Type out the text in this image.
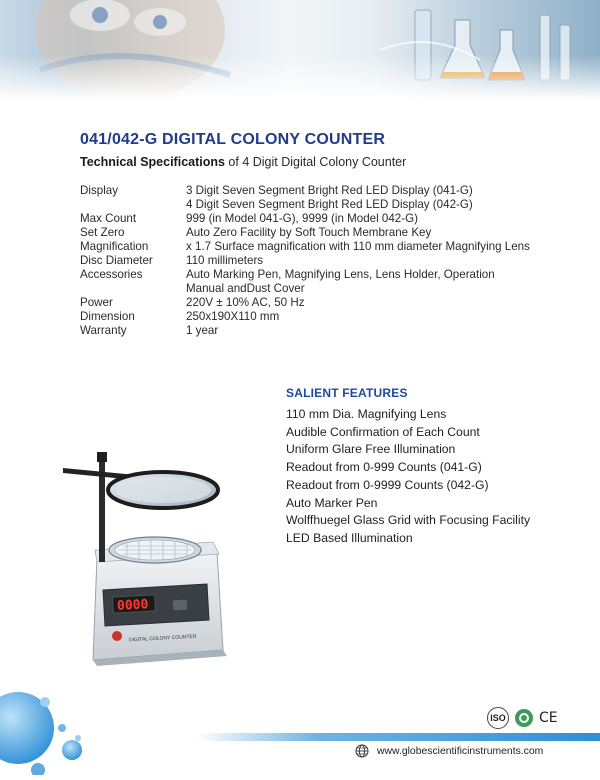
041/042-G DIGITAL COLONY COUNTER
Technical Specifications of 4 Digit Digital Colony Counter
Display	3 Digit Seven Segment Bright Red LED Display (041-G)
4 Digit Seven Segment Bright Red LED Display (042-G)
Max Count	999 (in Model 041-G), 9999 (in Model 042-G)
Set Zero	Auto Zero Facility by Soft Touch Membrane Key
Magnification	x 1.7 Surface magnification with 110 mm diameter Magnifying Lens
Disc Diameter	110 millimeters
Accessories	Auto Marking Pen, Magnifying Lens, Lens Holder, Operation
Manual andDust Cover
Power	220V ± 10% AC, 50 Hz
Dimension	250x190X110 mm
Warranty	1 year
SALIENT FEATURES
110 mm Dia. Magnifying Lens
Audible Confirmation of Each Count
Uniform Glare Free Illumination
Readout from 0-999 Counts (041-G)
Readout from 0-9999 Counts (042-G)
Auto Marker Pen
Wolffhuegel Glass Grid with Focusing Facility
LED Based Illumination
0000
DIGITAL COLONY COUNTER
ISO CE
www.globescientificinstruments.com
